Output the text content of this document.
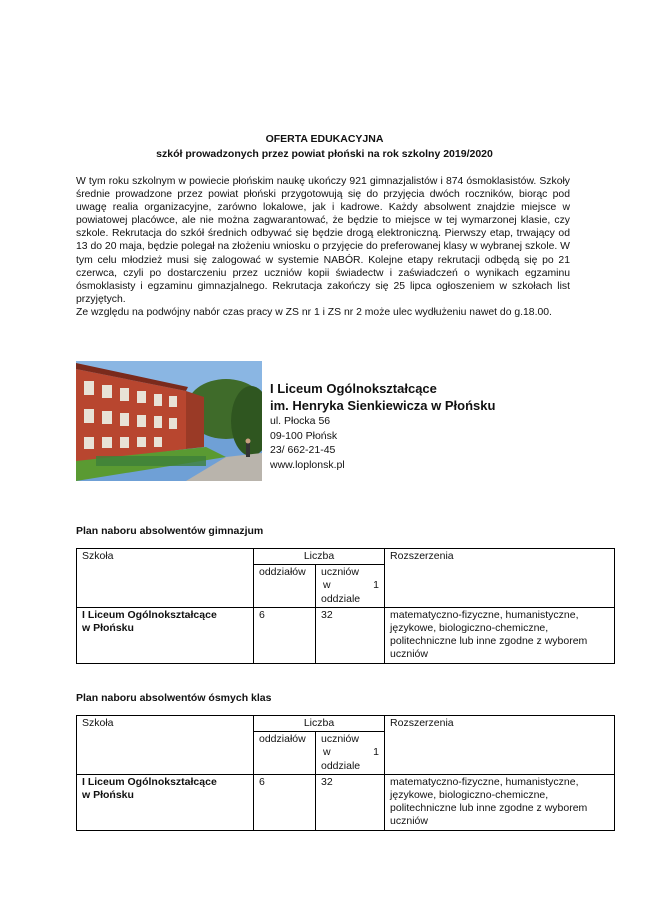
OFERTA EDUKACYJNA
szkół prowadzonych przez powiat płoński na rok szkolny 2019/2020

W tym roku szkolnym w powiecie płońskim naukę ukończy 921 gimnazjalistów i 874 ósmoklasistów. Szkoły średnie prowadzone przez powiat płoński przygotowują się do przyjęcia dwóch roczników, biorąc pod uwagę realia organizacyjne, zarówno lokalowe, jak i kadrowe. Każdy absolwent znajdzie miejsce w powiatowej placówce, ale nie można zagwarantować, że będzie to miejsce w tej wymarzonej klasie, czy szkole. Rekrutacja do szkół średnich odbywać się będzie drogą elektroniczną. Pierwszy etap, trwający od 13 do 20 maja, będzie polegał na złożeniu wniosku o przyjęcie do preferowanej klasy w wybranej szkole. W tym celu młodzież musi się zalogować w systemie NABÓR. Kolejne etapy rekrutacji odbędą się po 21 czerwca, czyli po dostarczeniu przez uczniów kopii świadectw i zaświadczeń o wynikach egzaminu ósmoklasisty i egzaminu gimnazjalnego. Rekrutacja zakończy się 25 lipca ogłoszeniem w szkołach list przyjętych.

Ze względu na podwójny nabór czas pracy w ZS nr 1 i ZS nr 2 może ulec wydłużeniu nawet do g.18.00.

I Liceum Ogólnokształcące
im. Henryka Sienkiewicza w Płońsku
ul. Płocka 56
09-100 Płońsk
23/ 662-21-45
www.loplonsk.pl
Plan naboru absolwentów gimnazjum
Szkoła	Liczba		Rozszerzenia
	oddziałów	uczniów
w 1
oddziale	

I Liceum Ogólnokształcące
w Płońsku	6	32	matematyczno-fizyczne, humanistyczne, językowe, biologiczno-chemiczne, politechniczne lub inne zgodne z wyborem uczniów
Plan naboru absolwentów ósmych klas
Szkoła	Liczba		Rozszerzenia
	oddziałów	uczniów
w 1
oddziale	

I Liceum Ogólnokształcące
w Płońsku	6	32	matematyczno-fizyczne, humanistyczne, językowe, biologiczno-chemiczne, politechniczne lub inne zgodne z wyborem uczniów
